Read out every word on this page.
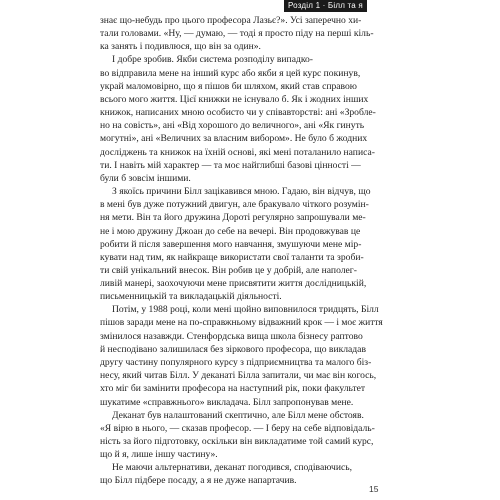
Розділ 1 · Білл та я

знає що-небудь про цього професора Лазьє?». Усі заперечно хи-
тали головами. «Ну, — думаю, — тоді я просто піду на перші кіль-
ка занять і подивлюся, що він за один».

І добре зробив. Якби система розподілу випадко-
во відправила мене на інший курс або якби я цей курс покинув,
украй маломовірно, що я пішов би шляхом, який став справою
всього мого життя. Цієї книжки не існувало б. Як і жодних інших
книжок, написаних мною особисто чи у співавторстві: ані «Зробле-
но на совість», ані «Від хорошого до величного», ані «Як гинуть
могутні», ані «Величних за власним вибором». Не було б жодних
досліджень та книжок на їхній основі, які мені поталанило написа-
ти. І навіть мій характер — та моє найглибші базові цінності —
були б зовсім іншими.

З якоїсь причини Білл зацікавився мною. Гадаю, він відчув, що
в мені був дуже потужний двигун, але бракувало чіткого розумін-
ня мети. Він та його дружина Дороті регулярно запрошували ме-
не і мою дружину Джоан до себе на вечері. Він продовжував це
робити й після завершення мого навчання, змушуючи мене мір-
кувати над тим, як найкраще використати свої таланти та зроби-
ти свій унікальний внесок. Він робив це у добрій, але наполег-
ливій манері, заохочуючи мене присвятити життя дослідницькій,
письменницькій та викладацькій діяльності.

Потім, у 1988 році, коли мені щойно виповнилося тридцять, Білл
пішов заради мене на по-справжньому відважний крок — і моє життя
змінилося назавжди. Стенфордська вища школа бізнесу раптово
й несподівано залишилася без зіркового професора, що викладав
другу частину популярного курсу з підприємництва та малого біз-
несу, який читав Білл. У деканаті Білла запитали, чи має він когось,
хто міг би замінити професора на наступний рік, поки факультет
шукатиме «справжнього» викладача. Білл запропонував мене.

Деканат був налаштований скептично, але Білл мене обстояв.
«Я вірю в нього, — сказав професор. — І беру на себе відповідаль-
ність за його підготовку, оскільки він викладатиме той самий курс,
що й я, лише іншу частину».

Не маючи альтернативи, деканат погодився, сподіваючись,
що Білл підбере посаду, а я не дуже напартачив.

15
